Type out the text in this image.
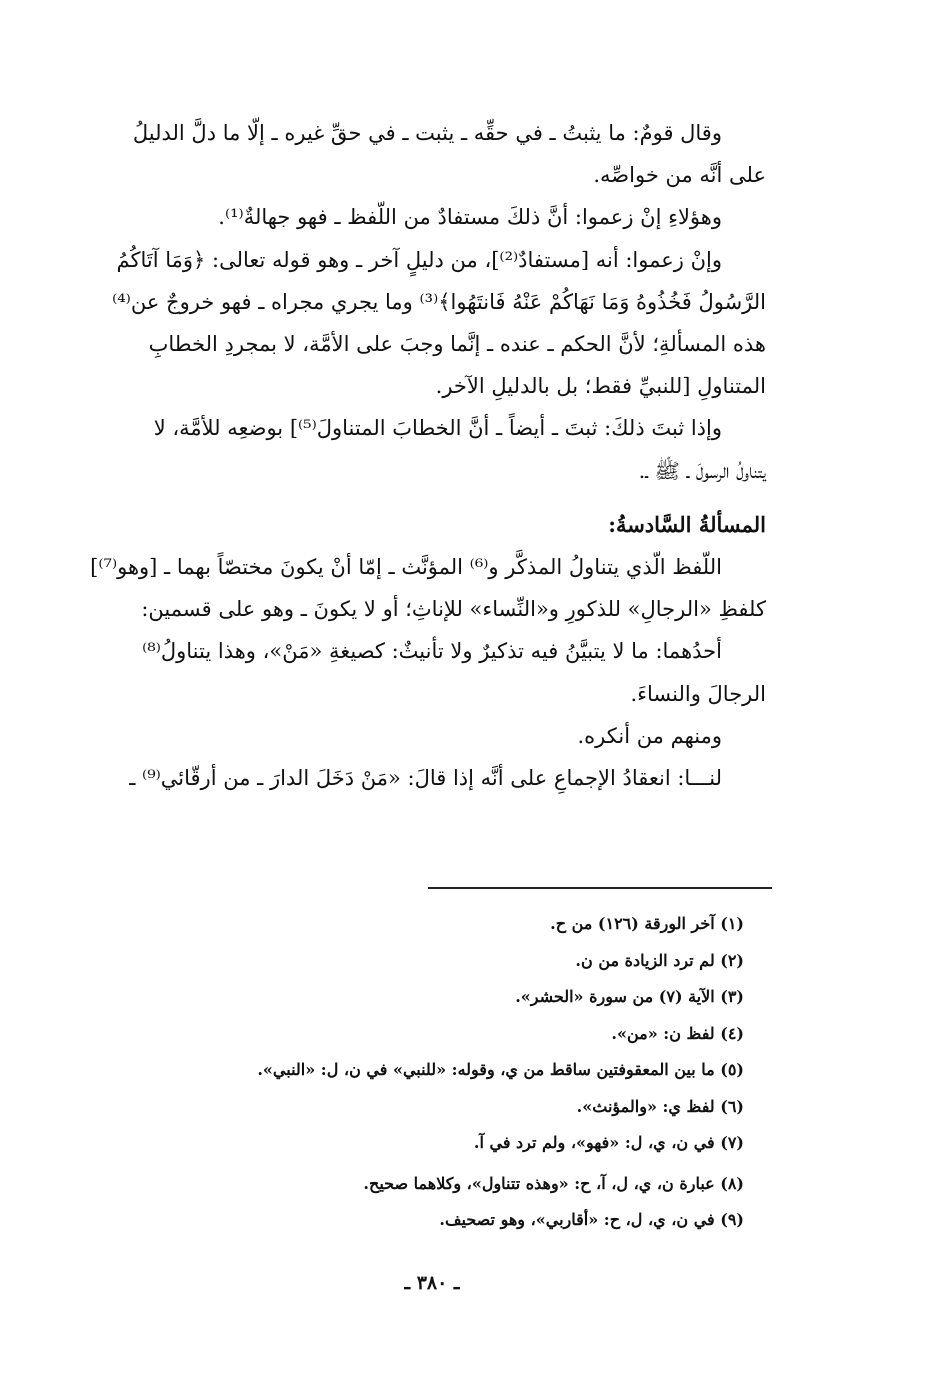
وقال قومٌ: ما يثبتُ ـ في حقِّه ـ يثبت ـ في حقِّ غيره ـ إلّا ما دلَّ الدليلُ

على أنَّه من خواصِّه.

وهؤلاءِ إنْ زعموا: أنَّ ذلكَ مستفادٌ من اللّفظ ـ فهو جهالةٌ⁽¹⁾.

وإنْ زعموا: أنه [مستفادٌ⁽²⁾]، من دليلٍ آخر ـ وهو قوله تعالى: ﴿وَمَا آتَاكُمُ

الرَّسُولُ فَخُذُوهُ وَمَا نَهَاكُمْ عَنْهُ فَانتَهُوا﴾⁽³⁾ وما يجري مجراه ـ فهو خروجٌ عن⁽⁴⁾

هذه المسألةِ؛ لأنَّ الحكم ـ عنده ـ إنَّما وجبَ على الأمَّة، لا بمجردِ الخطابِ

المتناولِ [للنبيِّ فقط؛ بل بالدليلِ الآخر.

وإذا ثبتَ ذلكَ: ثبتَ ـ أيضاً ـ أنَّ الخطابَ المتناولَ⁽⁵⁾] بوضعِه للأمَّة، لا

يتناولُ الرسولَ ـ ﷺ ـ.

المسألةُ السَّادسةُ:

اللّفظ الّذي يتناولُ المذكَّر و⁽⁶⁾ المؤنَّث ـ إمّا أنْ يكونَ مختصّاً بهما ـ [وهو⁽⁷⁾]

كلفظِ «الرجالِ» للذكورِ و«النِّساء» للإناثِ؛ أو لا يكونَ ـ وهو على قسمين:

أحدُهما: ما لا يتبيَّنُ فيه تذكيرٌ ولا تأنيثٌ: كصيغةِ «مَنْ»، وهذا يتناولُ⁽⁸⁾

الرجالَ والنساءَ.

ومنهم من أنكره.

لنـــا: انعقادُ الإجماعِ على أنَّه إذا قالَ: «مَنْ دَخَلَ الدارَ ـ من أرقّائي⁽⁹⁾ ـ

(١) آخر الورقة (١٢٦) من ح.

(٢) لم ترد الزيادة من ن.

(٣) الآية (٧) من سورة «الحشر».

(٤) لفظ ن: «من».

(٥) ما بين المعقوفتين ساقط من ي، وقوله: «للنبي» في ن، ل: «النبي».

(٦) لفظ ي: «والمؤنث».

(٧) في ن، ي، ل: «فهو»، ولم ترد في آ.

(٨) عبارة ن، ي، ل، آ، ح: «وهذه تتناول»، وكلاهما صحيح.

(٩) في ن، ي، ل، ح: «أقاربي»، وهو تصحيف.

ـ ٣٨٠ ـ
